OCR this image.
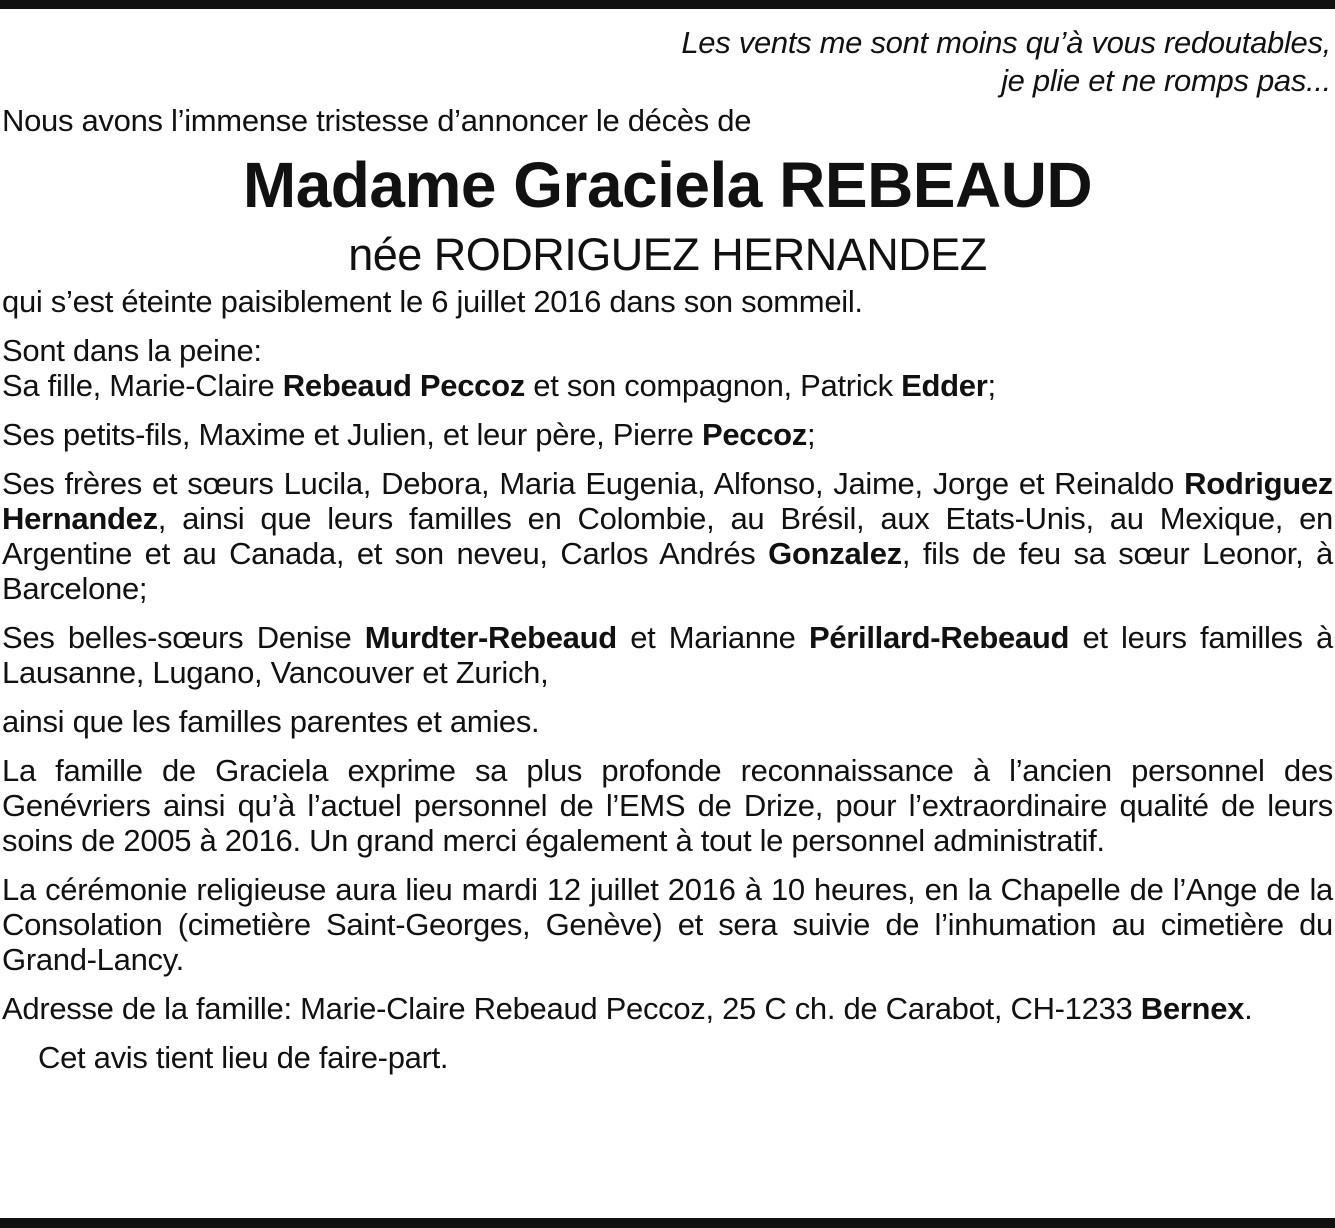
Les vents me sont moins qu’à vous redoutables,
je plie et ne romps pas...

Nous avons l’immense tristesse d’annoncer le décès de

Madame Graciela REBEAUD

née RODRIGUEZ HERNANDEZ

qui s’est éteinte paisiblement le 6 juillet 2016 dans son sommeil.

Sont dans la peine:

Sa fille, Marie-Claire Rebeaud Peccoz et son compagnon, Patrick Edder;

Ses petits-fils, Maxime et Julien, et leur père, Pierre Peccoz;

Ses frères et sœurs Lucila, Debora, Maria Eugenia, Alfonso, Jaime, Jorge et Reinaldo Rodriguez Hernandez, ainsi que leurs familles en Colombie, au Brésil, aux Etats-Unis, au Mexique, en Argentine et au Canada, et son neveu, Carlos Andrés Gonzalez, fils de feu sa sœur Leonor, à Barcelone;

Ses belles-sœurs Denise Murdter-Rebeaud et Marianne Périllard-Rebeaud et leurs familles à Lausanne, Lugano, Vancouver et Zurich,

ainsi que les familles parentes et amies.

La famille de Graciela exprime sa plus profonde reconnaissance à l’ancien personnel des Genévriers ainsi qu’à l’actuel personnel de l’EMS de Drize, pour l’extraordinaire qualité de leurs soins de 2005 à 2016. Un grand merci également à tout le personnel administratif.

La cérémonie religieuse aura lieu mardi 12 juillet 2016 à 10 heures, en la Chapelle de l’Ange de la Consolation (cimetière Saint-Georges, Genève) et sera suivie de l’inhumation au cimetière du Grand-Lancy.

Adresse de la famille: Marie-Claire Rebeaud Peccoz, 25 C ch. de Carabot, CH-1233 Bernex.

Cet avis tient lieu de faire-part.
